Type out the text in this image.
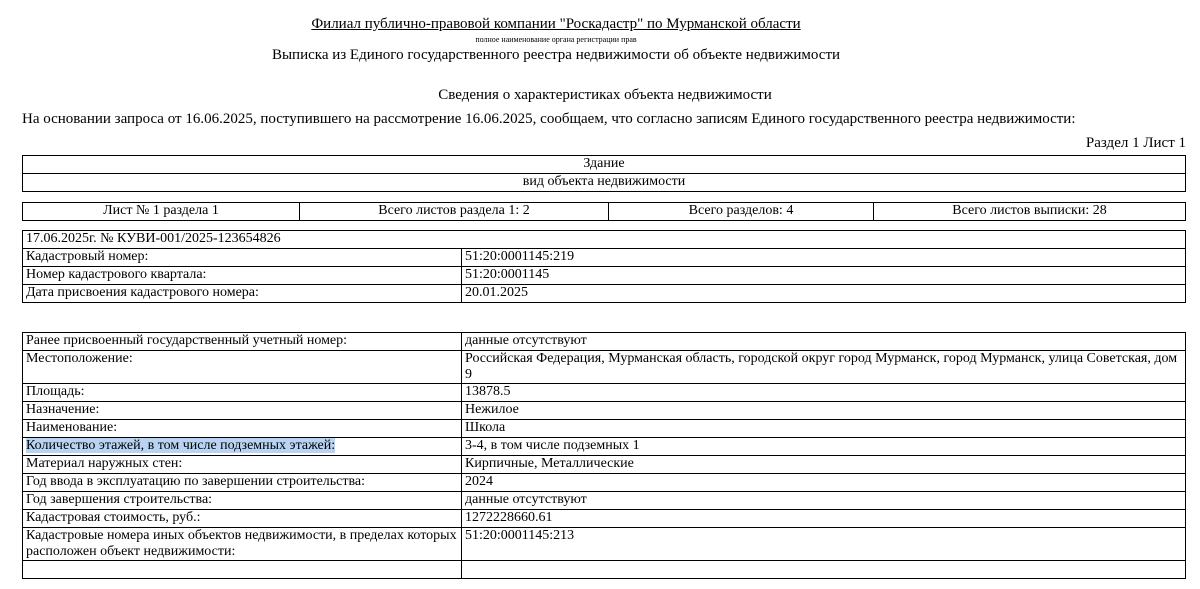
Филиал публично-правовой компании "Роскадастр" по Мурманской области
полное наименование органа регистрации прав
Выписка из Единого государственного реестра недвижимости об объекте недвижимости
Сведения о характеристиках объекта недвижимости
На основании запроса от 16.06.2025, поступившего на рассмотрение 16.06.2025, сообщаем, что согласно записям Единого государственного реестра недвижимости:
Раздел 1 Лист 1
Здание
вид объекта недвижимости
Лист № 1 раздела 1	Всего листов раздела 1: 2	Всего разделов: 4	Всего листов выписки: 28
17.06.2025г. № КУВИ-001/2025-123654826	
Кадастровый номер:	51:20:0001145:219
Номер кадастрового квартала:	51:20:0001145
Дата присвоения кадастрового номера:	20.01.2025
Ранее присвоенный государственный учетный номер:	данные отсутствуют
Местоположение:	Российская Федерация, Мурманская область, городской округ город Мурманск, город Мурманск, улица Советская, дом 9
Площадь:	13878.5
Назначение:	Нежилое
Наименование:	Школа
Количество этажей, в том числе подземных этажей:	3-4, в том числе подземных 1
Материал наружных стен:	Кирпичные, Металлические
Год ввода в эксплуатацию по завершении строительства:	2024
Год завершения строительства:	данные отсутствуют
Кадастровая стоимость, руб.:	1272228660.61
Кадастровые номера иных объектов недвижимости, в пределах которых расположен объект недвижимости:	51:20:0001145:213
